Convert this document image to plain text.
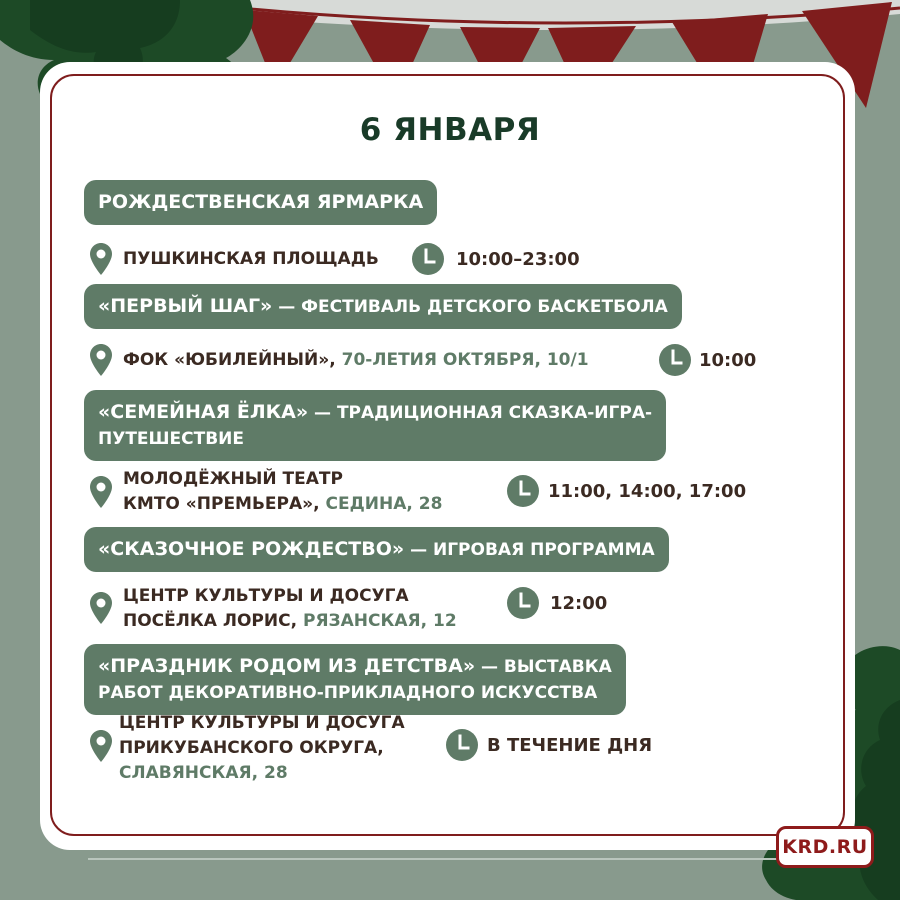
6 ЯНВАРЯ
РОЖДЕСТВЕНСКАЯ ЯРМАРКА
ПУШКИНСКАЯ ПЛОЩАДЬ	10:00–23:00
«ПЕРВЫЙ ШАГ» — ФЕСТИВАЛЬ ДЕТСКОГО БАСКЕТБОЛА
ФОК «ЮБИЛЕЙНЫЙ», 70-ЛЕТИЯ ОКТЯБРЯ, 10/1	10:00
«СЕМЕЙНАЯ ЁЛКА» — ТРАДИЦИОННАЯ СКАЗКА-ИГРА-
ПУТЕШЕСТВИЕ
МОЛОДЁЖНЫЙ ТЕАТР
КМТО «ПРЕМЬЕРА», СЕДИНА, 28
11:00, 14:00, 17:00
«СКАЗОЧНОЕ РОЖДЕСТВО» — ИГРОВАЯ ПРОГРАММА
ЦЕНТР КУЛЬТУРЫ И ДОСУГА
ПОСЁЛКА ЛОРИС, РЯЗАНСКАЯ, 12
12:00
«ПРАЗДНИК РОДОМ ИЗ ДЕТСТВА» — ВЫСТАВКА
РАБОТ ДЕКОРАТИВНО-ПРИКЛАДНОГО ИСКУССТВА
ЦЕНТР КУЛЬТУРЫ И ДОСУГА
ПРИКУБАНСКОГО ОКРУГА,
СЛАВЯНСКАЯ, 28
В ТЕЧЕНИЕ ДНЯ
KRD.RU
